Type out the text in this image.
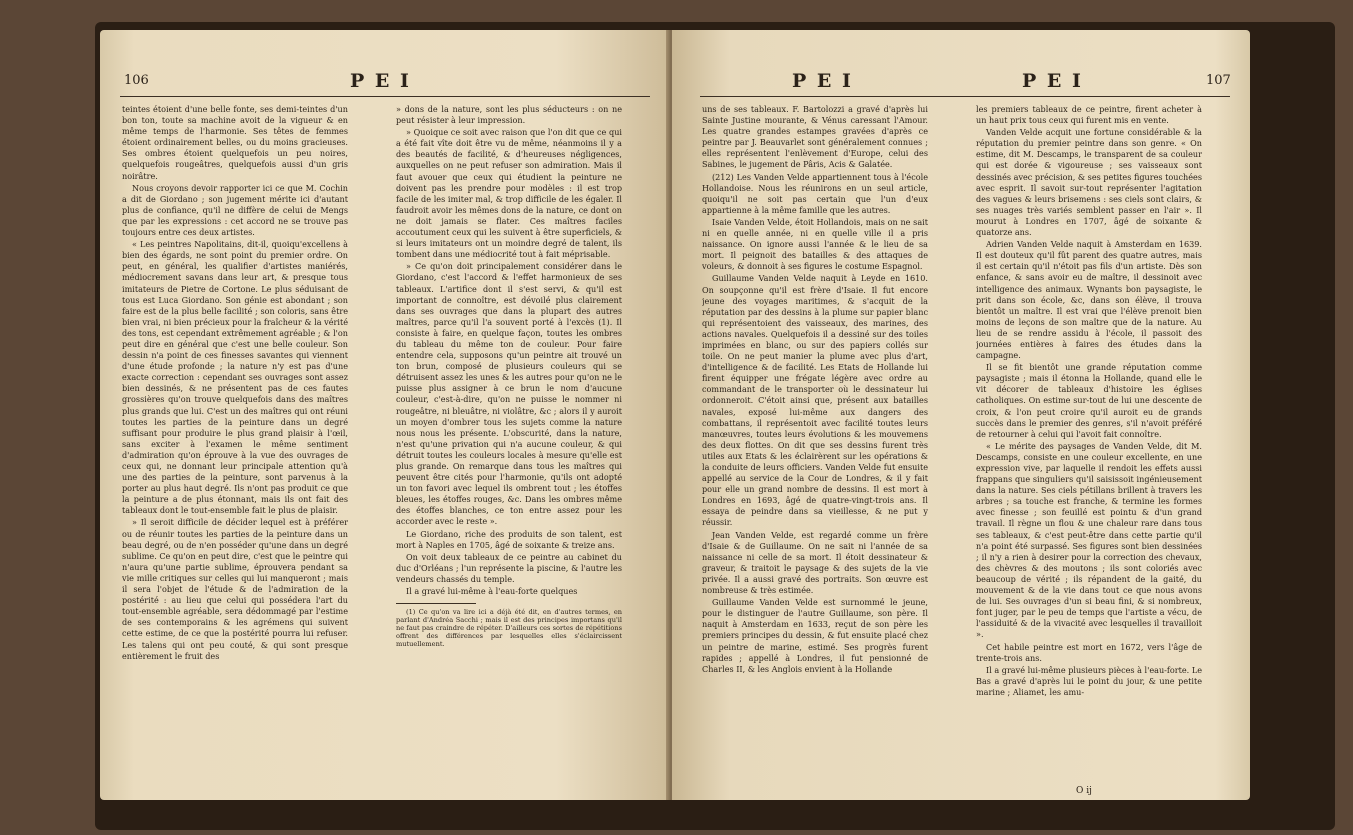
106	P E I

teintes étoient d'une belle fonte, ses demi-teintes d'un bon ton, toute sa machine avoit de la vigueur & en même temps de l'harmonie. Ses têtes de femmes étoient ordinairement belles, ou du moins gracieuses. Ses ombres étoient quelquefois un peu noires, quelquefois rougeâtres, quelquefois aussi d'un gris noirâtre.

Nous croyons devoir rapporter ici ce que M. Cochin a dit de Giordano ; son jugement mérite ici d'autant plus de confiance, qu'il ne diffère de celui de Mengs que par les expressions : cet accord ne se trouve pas toujours entre ces deux artistes.

« Les peintres Napolitains, dit-il, quoiqu'excellens à bien des égards, ne sont point du premier ordre. On peut, en général, les qualifier d'artistes maniérés, médiocrement savans dans leur art, & presque tous imitateurs de Pietre de Cortone. Le plus séduisant de tous est Luca Giordano. Son génie est abondant ; son faire est de la plus belle facilité ; son coloris, sans être bien vrai, ni bien précieux pour la fraîcheur & la vérité des tons, est cependant extrêmement agréable ; & l'on peut dire en général que c'est une belle couleur. Son dessin n'a point de ces finesses savantes qui viennent d'une étude profonde ; la nature n'y est pas d'une exacte correction : cependant ses ouvrages sont assez bien dessinés, & ne présentent pas de ces fautes grossières qu'on trouve quelquefois dans des maîtres plus grands que lui. C'est un des maîtres qui ont réuni toutes les parties de la peinture dans un degré suffisant pour produire le plus grand plaisir à l'œil, sans exciter à l'examen le même sentiment d'admiration qu'on éprouve à la vue des ouvrages de ceux qui, ne donnant leur principale attention qu'à une des parties de la peinture, sont parvenus à la porter au plus haut degré. Ils n'ont pas produit ce que la peinture a de plus étonnant, mais ils ont fait des tableaux dont le tout-ensemble fait le plus de plaisir.

» Il seroit difficile de décider lequel est à préférer ou de réunir toutes les parties de la peinture dans un beau degré, ou de n'en posséder qu'une dans un degré sublime. Ce qu'on en peut dire, c'est que le peintre qui n'aura qu'une partie sublime, éprouvera pendant sa vie mille critiques sur celles qui lui manqueront ; mais il sera l'objet de l'étude & de l'admiration de la postérité : au lieu que celui qui possédera l'art du tout-ensemble agréable, sera dédommagé par l'estime de ses contemporains & les agrémens qui suivent cette estime, de ce que la postérité pourra lui refuser. Les talens qui ont peu couté, & qui sont presque entièrement le fruit des

» dons de la nature, sont les plus séducteurs : on ne peut résister à leur impression.

» Quoique ce soit avec raison que l'on dit que ce qui a été fait vîte doit être vu de même, néanmoins il y a des beautés de facilité, & d'heureuses négligences, auxquelles on ne peut refuser son admiration. Mais il faut avouer que ceux qui étudient la peinture ne doivent pas les prendre pour modèles : il est trop facile de les imiter mal, & trop difficile de les égaler. Il faudroit avoir les mêmes dons de la nature, ce dont on ne doit jamais se flater. Ces maîtres faciles accoutument ceux qui les suivent à être superficiels, & si leurs imitateurs ont un moindre degré de talent, ils tombent dans une médiocrité tout à fait méprisable.

» Ce qu'on doit principalement considérer dans le Giordano, c'est l'accord & l'effet harmonieux de ses tableaux. L'artifice dont il s'est servi, & qu'il est important de connoître, est dévoilé plus clairement dans ses ouvrages que dans la plupart des autres maîtres, parce qu'il l'a souvent porté à l'excès (1). Il consiste à faire, en quelque façon, toutes les ombres du tableau du même ton de couleur. Pour faire entendre cela, supposons qu'un peintre ait trouvé un ton brun, composé de plusieurs couleurs qui se détruisent assez les unes & les autres pour qu'on ne le puisse plus assigner à ce brun le nom d'aucune couleur, c'est-à-dire, qu'on ne puisse le nommer ni rougeâtre, ni bleuâtre, ni violâtre, &c ; alors il y auroit un moyen d'ombrer tous les sujets comme la nature nous nous les présente. L'obscurité, dans la nature, n'est qu'une privation qui n'a aucune couleur, & qui détruit toutes les couleurs locales à mesure qu'elle est plus grande. On remarque dans tous les maîtres qui peuvent être cités pour l'harmonie, qu'ils ont adopté un ton favori avec lequel ils ombrent tout ; les étoffes bleues, les étoffes rouges, &c. Dans les ombres même des étoffes blanches, ce ton entre assez pour les accorder avec le reste ».

Le Giordano, riche des produits de son talent, est mort à Naples en 1705, âgé de soixante & treize ans.

On voit deux tableaux de ce peintre au cabinet du duc d'Orléans ; l'un représente la piscine, & l'autre les vendeurs chassés du temple.

Il a gravé lui-même à l'eau-forte quelques

(1) Ce qu'on va lire ici a déjà été dit, en d'autres termes, en parlant d'Andréa Sacchi ; mais il est des principes importans qu'il ne faut pas craindre de répéter. D'ailleurs ces sortes de répétitions offrent des différences par lesquelles elles s'éclaircissent mutuellement.

P E I	P E I	107

uns de ses tableaux. F. Bartolozzi a gravé d'après lui Sainte Justine mourante, & Vénus caressant l'Amour. Les quatre grandes estampes gravées d'après ce peintre par J. Beauvarlet sont généralement connues ; elles représentent l'enlèvement d'Europe, celui des Sabines, le jugement de Pâris, Acis & Galatée.

(212) Les Vanden Velde appartiennent tous à l'école Hollandoise. Nous les réunirons en un seul article, quoiqu'il ne soit pas certain que l'un d'eux appartienne à la même famille que les autres.

Isaie Vanden Velde, étoit Hollandois, mais on ne sait ni en quelle année, ni en quelle ville il a pris naissance. On ignore aussi l'année & le lieu de sa mort. Il peignoit des batailles & des attaques de voleurs, & donnoit à ses figures le costume Espagnol.

Guillaume Vanden Velde naquit à Leyde en 1610. On soupçonne qu'il est frère d'Isaie. Il fut encore jeune des voyages maritimes, & s'acquit de la réputation par des dessins à la plume sur papier blanc qui représentoient des vaisseaux, des marines, des actions navales. Quelquefois il a dessiné sur des toiles imprimées en blanc, ou sur des papiers collés sur toile. On ne peut manier la plume avec plus d'art, d'intelligence & de facilité. Les Etats de Hollande lui firent équipper une frégate légère avec ordre au commandant de le transporter où le dessinateur lui ordonneroit. C'étoit ainsi que, présent aux batailles navales, exposé lui-même aux dangers des combattans, il représentoit avec facilité toutes leurs manœuvres, toutes leurs évolutions & les mouvemens des deux flottes. On dit que ses dessins furent très utiles aux Etats & les éclairèrent sur les opérations & la conduite de leurs officiers. Vanden Velde fut ensuite appellé au service de la Cour de Londres, & il y fait pour elle un grand nombre de dessins. Il est mort à Londres en 1693, âgé de quatre-vingt-trois ans. Il essaya de peindre dans sa vieillesse, & ne put y réussir.

Jean Vanden Velde, est regardé comme un frère d'Isaie & de Guillaume. On ne sait ni l'année de sa naissance ni celle de sa mort. Il étoit dessinateur & graveur, & traitoit le paysage & des sujets de la vie privée. Il a aussi gravé des portraits. Son œuvre est nombreuse & très estimée.

Guillaume Vanden Velde est surnommé le jeune, pour le distinguer de l'autre Guillaume, son père. Il naquit à Amsterdam en 1633, reçut de son père les premiers principes du dessin, & fut ensuite placé chez un peintre de marine, estimé. Ses progrès furent rapides ; appellé à Londres, il fut pensionné de Charles II, & les Anglois envient à la Hollande

les premiers tableaux de ce peintre, firent acheter à un haut prix tous ceux qui furent mis en vente.

Vanden Velde acquit une fortune considérable & la réputation du premier peintre dans son genre. « On estime, dit M. Descamps, le transparent de sa couleur qui est dorée & vigoureuse ; ses vaisseaux sont dessinés avec précision, & ses petites figures touchées avec esprit. Il savoit sur-tout représenter l'agitation des vagues & leurs brisemens : ses ciels sont clairs, & ses nuages très variés semblent passer en l'air ». Il mourut à Londres en 1707, âgé de soixante & quatorze ans.

Adrien Vanden Velde naquit à Amsterdam en 1639. Il est douteux qu'il fût parent des quatre autres, mais il est certain qu'il n'étoit pas fils d'un artiste. Dès son enfance, & sans avoir eu de maître, il dessinoit avec intelligence des animaux. Wynants bon paysagiste, le prit dans son école, &c, dans son élève, il trouva bientôt un maître. Il est vrai que l'élève prenoit bien moins de leçons de son maître que de la nature. Au lieu de se rendre assidu à l'école, il passoit des journées entières à faires des études dans la campagne.

Il se fit bientôt une grande réputation comme paysagiste ; mais il étonna la Hollande, quand elle le vit décorer de tableaux d'histoire les églises catholiques. On estime sur-tout de lui une descente de croix, & l'on peut croire qu'il auroit eu de grands succès dans le premier des genres, s'il n'avoit préféré de retourner à celui qui l'avoit fait connoître.

« Le mérite des paysages de Vanden Velde, dit M. Descamps, consiste en une couleur excellente, en une expression vive, par laquelle il rendoit les effets aussi frappans que singuliers qu'il saisissoit ingénieusement dans la nature. Ses ciels pétillans brillent à travers les arbres ; sa touche est franche, & termine les formes avec finesse ; son feuillé est pointu & d'un grand travail. Il règne un flou & une chaleur rare dans tous ses tableaux, & c'est peut-être dans cette partie qu'il n'a point été surpassé. Ses figures sont bien dessinées ; il n'y a rien à desirer pour la correction des chevaux, des chèvres & des moutons ; ils sont coloriés avec beaucoup de vérité ; ils répandent de la gaité, du mouvement & de la vie dans tout ce que nous avons de lui. Ses ouvrages d'un si beau fini, & si nombreux, font juger, par le peu de temps que l'artiste a vécu, de l'assiduité & de la vivacité avec lesquelles il travailloit ».

Cet habile peintre est mort en 1672, vers l'âge de trente-trois ans.

Il a gravé lui-même plusieurs pièces à l'eau-forte. Le Bas a gravé d'après lui le point du jour, & une petite marine ; Aliamet, les amu-

O ij
